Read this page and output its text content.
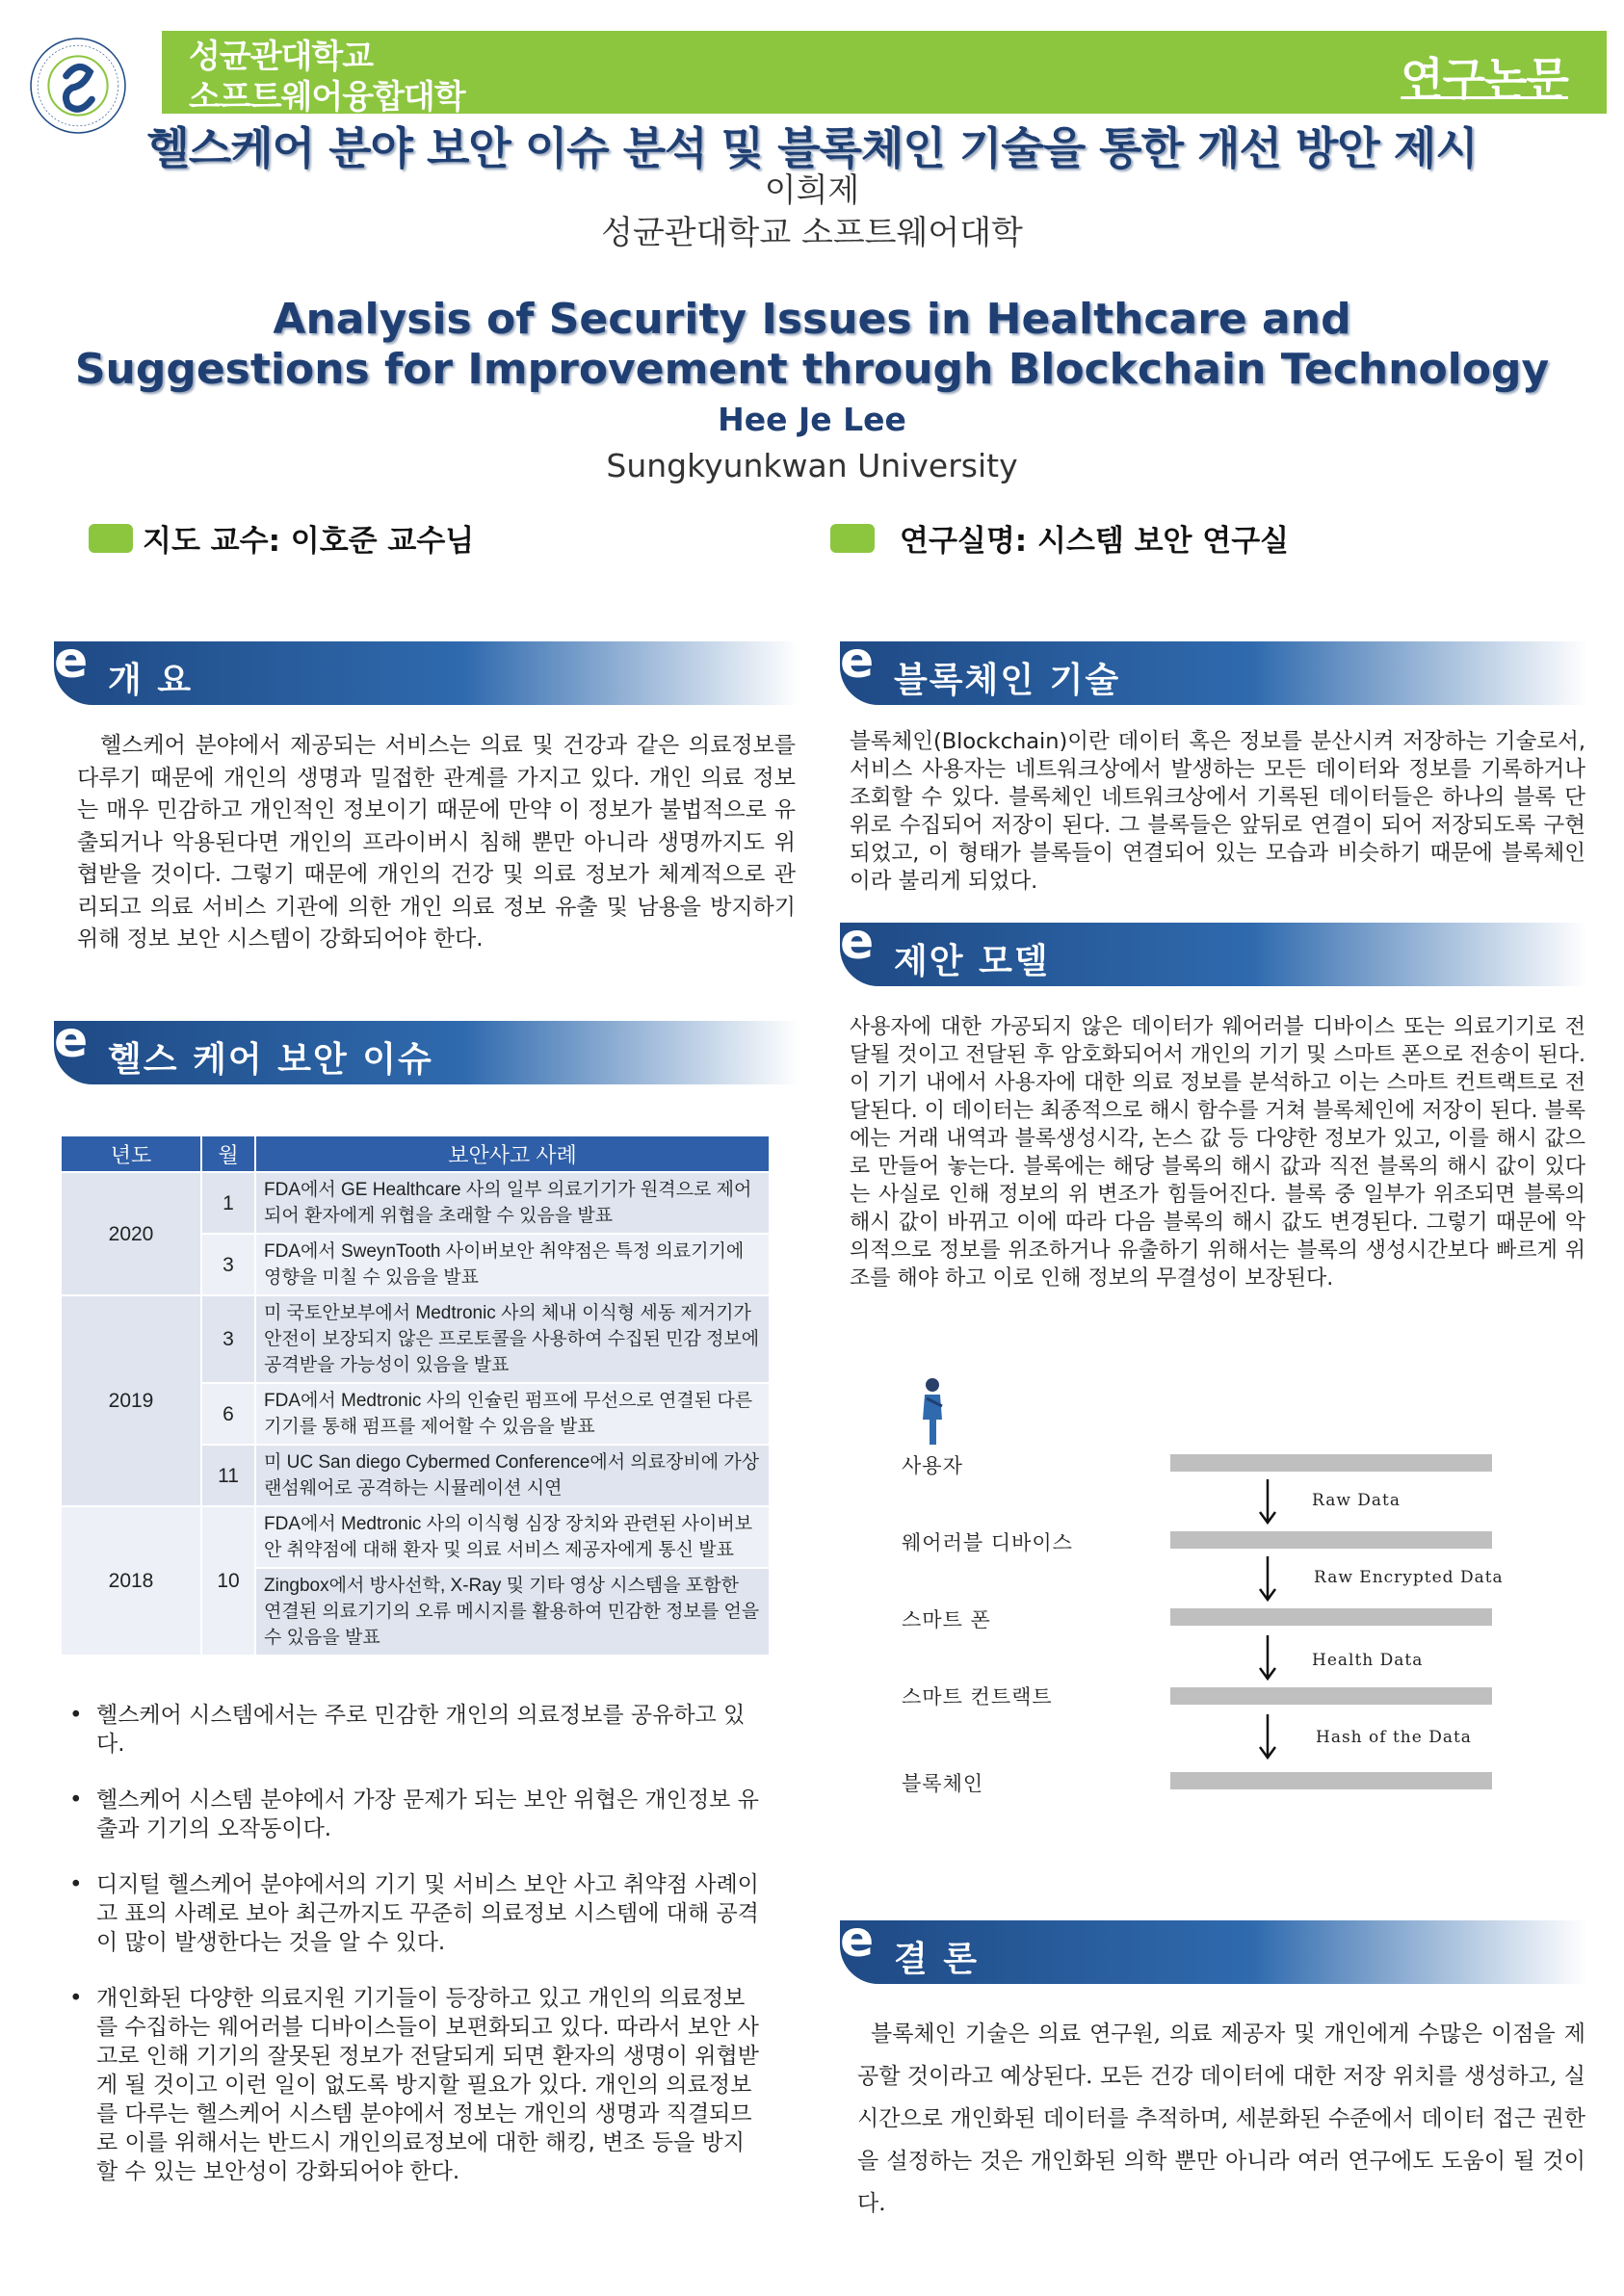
성균관대학교
소프트웨어융합대학	연구논문
헬스케어 분야 보안 이슈 분석 및 블록체인 기술을 통한 개선 방안 제시
이희제
성균관대학교 소프트웨어대학
Analysis of Security Issues in Healthcare and
Suggestions for Improvement through Blockchain Technology
Hee Je Lee
Sungkyunkwan University
지도 교수: 이호준 교수님	연구실명: 시스템 보안 연구실
e 개 요
헬스케어 분야에서 제공되는 서비스는 의료 및 건강과 같은 의료정보를 다루기 때문에 개인의 생명과 밀접한 관계를 가지고 있다. 개인 의료 정보는 매우 민감하고 개인적인 정보이기 때문에 만약 이 정보가 불법적으로 유출되거나 악용된다면 개인의 프라이버시 침해 뿐만 아니라 생명까지도 위협받을 것이다. 그렇기 때문에 개인의 건강 및 의료 정보가 체계적으로 관리되고 의료 서비스 기관에 의한 개인 의료 정보 유출 및 남용을 방지하기 위해 정보 보안 시스템이 강화되어야 한다.
e 헬스 케어 보안 이슈
년도	월	보안사고 사례
2020	1	FDA에서 GE Healthcare 사의 일부 의료기기가 원격으로 제어되어 환자에게 위협을 초래할 수 있음을 발표
	3	FDA에서 SweynTooth 사이버보안 취약점은 특정 의료기기에 영향을 미칠 수 있음을 발표
2019	3	미 국토안보부에서 Medtronic 사의 체내 이식형 세동 제거기가 안전이 보장되지 않은 프로토콜을 사용하여 수집된 민감 정보에 공격받을 가능성이 있음을 발표
	6	FDA에서 Medtronic 사의 인슐린 펌프에 무선으로 연결된 다른 기기를 통해 펌프를 제어할 수 있음을 발표
	11	미 UC San diego Cybermed Conference에서 의료장비에 가상 랜섬웨어로 공격하는 시뮬레이션 시연
2018	10	FDA에서 Medtronic 사의 이식형 심장 장치와 관련된 사이버보안 취약점에 대해 환자 및 의료 서비스 제공자에게 통신 발표
		Zingbox에서 방사선학, X-Ray 및 기타 영상 시스템을 포함한 연결된 의료기기의 오류 메시지를 활용하여 민감한 정보를 얻을 수 있음을 발표
• 헬스케어 시스템에서는 주로 민감한 개인의 의료정보를 공유하고 있다.
• 헬스케어 시스템 분야에서 가장 문제가 되는 보안 위협은 개인정보 유출과 기기의 오작동이다.
• 디지털 헬스케어 분야에서의 기기 및 서비스 보안 사고 취약점 사례이고 표의 사례로 보아 최근까지도 꾸준히 의료정보 시스템에 대해 공격이 많이 발생한다는 것을 알 수 있다.
• 개인화된 다양한 의료지원 기기들이 등장하고 있고 개인의 의료정보를 수집하는 웨어러블 디바이스들이 보편화되고 있다. 따라서 보안 사고로 인해 기기의 잘못된 정보가 전달되게 되면 환자의 생명이 위협받게 될 것이고 이런 일이 없도록 방지할 필요가 있다. 개인의 의료정보를 다루는 헬스케어 시스템 분야에서 정보는 개인의 생명과 직결되므로 이를 위해서는 반드시 개인의료정보에 대한 해킹, 변조 등을 방지할 수 있는 보안성이 강화되어야 한다.
e 블록체인 기술
블록체인(Blockchain)이란 데이터 혹은 정보를 분산시켜 저장하는 기술로서, 서비스 사용자는 네트워크상에서 발생하는 모든 데이터와 정보를 기록하거나 조회할 수 있다. 블록체인 네트워크상에서 기록된 데이터들은 하나의 블록 단위로 수집되어 저장이 된다. 그 블록들은 앞뒤로 연결이 되어 저장되도록 구현되었고, 이 형태가 블록들이 연결되어 있는 모습과 비슷하기 때문에 블록체인이라 불리게 되었다.
e 제안 모델
사용자에 대한 가공되지 않은 데이터가 웨어러블 디바이스 또는 의료기기로 전달될 것이고 전달된 후 암호화되어서 개인의 기기 및 스마트 폰으로 전송이 된다. 이 기기 내에서 사용자에 대한 의료 정보를 분석하고 이는 스마트 컨트랙트로 전달된다. 이 데이터는 최종적으로 해시 함수를 거쳐 블록체인에 저장이 된다. 블록에는 거래 내역과 블록생성시각, 논스 값 등 다양한 정보가 있고, 이를 해시 값으로 만들어 놓는다. 블록에는 해당 블록의 해시 값과 직전 블록의 해시 값이 있다는 사실로 인해 정보의 위 변조가 힘들어진다. 블록 중 일부가 위조되면 블록의 해시 값이 바뀌고 이에 따라 다음 블록의 해시 값도 변경된다. 그렇기 때문에 악의적으로 정보를 위조하거나 유출하기 위해서는 블록의 생성시간보다 빠르게 위조를 해야 하고 이로 인해 정보의 무결성이 보장된다.
사용자
웨어러블 디바이스
스마트 폰
스마트 컨트랙트
블록체인
Raw Data
Raw Encrypted Data
Health Data
Hash of the Data
e 결 론
블록체인 기술은 의료 연구원, 의료 제공자 및 개인에게 수많은 이점을 제공할 것이라고 예상된다. 모든 건강 데이터에 대한 저장 위치를 생성하고, 실시간으로 개인화된 데이터를 추적하며, 세분화된 수준에서 데이터 접근 권한을 설정하는 것은 개인화된 의학 뿐만 아니라 여러 연구에도 도움이 될 것이다.
